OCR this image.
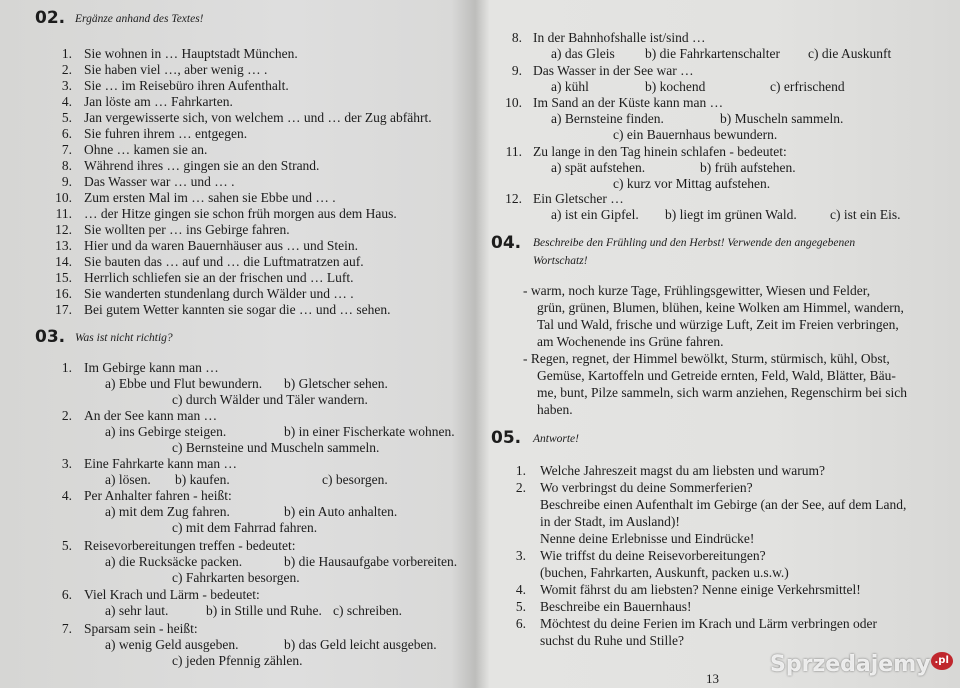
02. Ergänze anhand des Textes!
1. Sie wohnen in … Hauptstadt München.
2. Sie haben viel …, aber wenig … .
3. Sie … im Reisebüro ihren Aufenthalt.
4. Jan löste am … Fahrkarten.
5. Jan vergewisserte sich, von welchem … und … der Zug abfährt.
6. Sie fuhren ihrem … entgegen.
7. Ohne … kamen sie an.
8. Während ihres … gingen sie an den Strand.
9. Das Wasser war … und … .
10. Zum ersten Mal im … sahen sie Ebbe und … .
11. … der Hitze gingen sie schon früh morgen aus dem Haus.
12. Sie wollten per … ins Gebirge fahren.
13. Hier und da waren Bauernhäuser aus … und Stein.
14. Sie bauten das … auf und … die Luftmatratzen auf.
15. Herrlich schliefen sie an der frischen und … Luft.
16. Sie wanderten stundenlang durch Wälder und … .
17. Bei gutem Wetter kannten sie sogar die … und … sehen.
03. Was ist nicht richtig?
1. Im Gebirge kann man …
a) Ebbe und Flut bewundern. b) Gletscher sehen.
c) durch Wälder und Täler wandern.
2. An der See kann man …
a) ins Gebirge steigen.	b) in einer Fischerkate wohnen.
c) Bernsteine und Muscheln sammeln.
3. Eine Fahrkarte kann man …
a) lösen. b) kaufen.	c) besorgen.
4. Per Anhalter fahren - heißt:
a) mit dem Zug fahren.	b) ein Auto anhalten.
c) mit dem Fahrrad fahren.
5. Reisevorbereitungen treffen - bedeutet:
a) die Rucksäcke packen.	b) die Hausaufgabe vorbereiten.
c) Fahrkarten besorgen.
6. Viel Krach und Lärm - bedeutet:
a) sehr laut.	b) in Stille und Ruhe. c) schreiben.
7. Sparsam sein - heißt:
a) wenig Geld ausgeben.	b) das Geld leicht ausgeben.
c) jeden Pfennig zählen.
8. In der Bahnhofshalle ist/sind …
a) das Gleis b) die Fahrkartenschalter c) die Auskunft
9. Das Wasser in der See war …
a) kühl	b) kochend	c) erfrischend
10. Im Sand an der Küste kann man …
a) Bernsteine finden.	b) Muscheln sammeln.
c) ein Bauernhaus bewundern.
11. Zu lange in den Tag hinein schlafen - bedeutet:
a) spät aufstehen.	b) früh aufstehen.
c) kurz vor Mittag aufstehen.
12. Ein Gletscher …
a) ist ein Gipfel. b) liegt im grünen Wald. c) ist ein Eis.
04. Beschreibe den Frühling und den Herbst! Verwende den angegebenen
Wortschatz!
- warm, noch kurze Tage, Frühlingsgewitter, Wiesen und Felder,
grün, grünen, Blumen, blühen, keine Wolken am Himmel, wandern,
Tal und Wald, frische und würzige Luft, Zeit im Freien verbringen,
am Wochenende ins Grüne fahren.
- Regen, regnet, der Himmel bewölkt, Sturm, stürmisch, kühl, Obst,
Gemüse, Kartoffeln und Getreide ernten, Feld, Wald, Blätter, Bäu-
me, bunt, Pilze sammeln, sich warm anziehen, Regenschirm bei sich
haben.
05. Antworte!
1. Welche Jahreszeit magst du am liebsten und warum?
2. Wo verbringst du deine Sommerferien?
Beschreibe einen Aufenthalt im Gebirge (an der See, auf dem Land,
in der Stadt, im Ausland)!
Nenne deine Erlebnisse und Eindrücke!
3. Wie triffst du deine Reisevorbereitungen?
(buchen, Fahrkarten, Auskunft, packen u.s.w.)
4. Womit fährst du am liebsten? Nenne einige Verkehrsmittel!
5. Beschreibe ein Bauernhaus!
6. Möchtest du deine Ferien im Krach und Lärm verbringen oder
suchst du Ruhe und Stille?
13
Sprzedajemy .pl
